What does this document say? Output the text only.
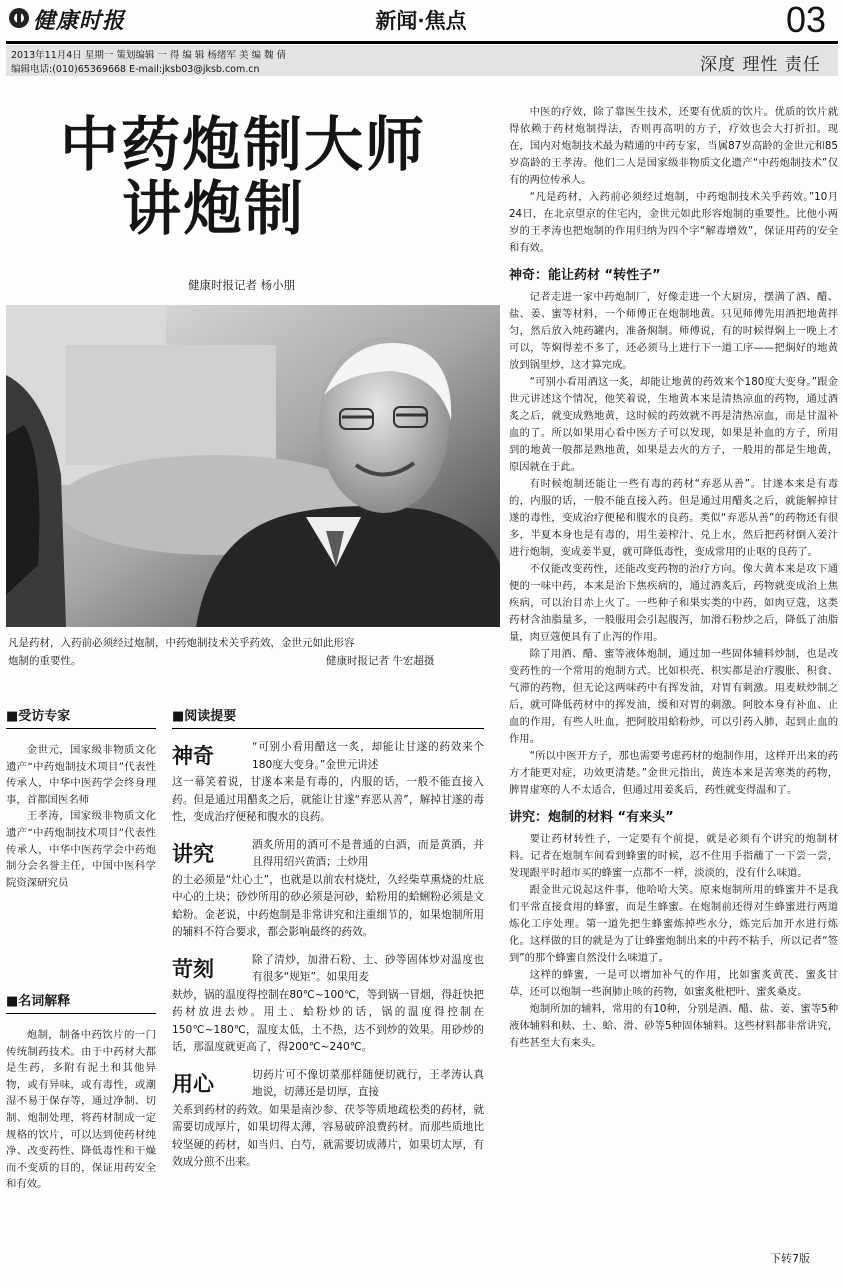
健康时报	新闻·焦点	03
2013年11月4日 星期一 策划编辑 一 得 编 辑 杨绪军 美 编 魏 倩
编辑电话:(010)65369668 E-mail:jksb03@jksb.com.cn	深度 理性 责任
中药炮制大师
讲炮制
健康时报记者 杨小朋
凡是药材，入药前必须经过炮制，中药炮制技术关乎药效，金世元如此形容
炮制的重要性。	健康时报记者 牛宏超摄
■受访专家

金世元，国家级非物质文化遗产“中药炮制技术项目”代表性传承人，中华中医药学会终身理事，首都国医名师

王孝涛，国家级非物质文化遗产“中药炮制技术项目”代表性传承人，中华中医药学会中药炮制分会名誉主任，中国中医科学院资深研究员

■名词解释

炮制，制备中药饮片的一门传统制药技术。由于中药材大都是生药，多附有泥土和其他异物，或有异味，或有毒性，或潮湿不易于保存等，通过净制、切制、炮制处理，将药材制成一定规格的饮片，可以达到使药材纯净、改变药性、降低毒性和干燥而不变质的目的，保证用药安全和有效。

■阅读提要
神奇	“可别小看用醋这一炙，却能让甘遂的药效来个180度大变身。”金世元讲述

这一幕笑着说，甘遂本来是有毒的，内服的话，一般不能直接入药。但是通过用醋炙之后，就能让甘遂“弃恶从善”，解掉甘遂的毒性，变成治疗便秘和腹水的良药。

讲究	酒炙所用的酒可不是普通的白酒，而是黄酒，并且得用绍兴黄酒；土炒用

的土必须是“灶心土”，也就是以前农村烧灶，久经柴草熏烧的灶底中心的土块；砂炒所用的砂必须是河砂，蛤粉用的蛤蜊粉必须是文蛤粉。金老说，中药炮制是非常讲究和注重细节的，如果炮制所用的辅料不符合要求，都会影响最终的药效。

苛刻	除了清炒，加滑石粉、土、砂等固体炒对温度也有很多“规矩”。如果用麦

麸炒，锅的温度得控制在80℃~100℃，等到锅一冒烟，得赶快把药材放进去炒。用土、蛤粉炒的话，锅的温度得控制在150℃~180℃，温度太低，土不热，达不到炒的效果。用砂炒的话，那温度就更高了，得200℃~240℃。

用心	切药片可不像切菜那样随便切就行，王孝涛认真地说，切薄还是切厚，直接

关系到药材的药效。如果是南沙参、茯苓等质地疏松类的药材，就需要切成厚片，如果切得太薄，容易破碎浪费药材。而那些质地比较坚硬的药材，如当归、白芍，就需要切成薄片，如果切太厚，有效成分煎不出来。

中医的疗效，除了靠医生技术，还要有优质的饮片。优质的饮片就得依赖于药材炮制得法，否则再高明的方子，疗效也会大打折扣。现在，国内对炮制技术最为精通的中药专家，当属87岁高龄的金世元和85岁高龄的王孝涛。他们二人是国家级非物质文化遗产“中药炮制技术”仅有的两位传承人。

“凡是药材，入药前必须经过炮制，中药炮制技术关乎药效。”10月24日，在北京望京的住宅内，金世元如此形容炮制的重要性。比他小两岁的王孝涛也把炮制的作用归纳为四个字“解毒增效”，保证用药的安全和有效。

神奇：能让药材 “转性子”

记者走进一家中药炮制厂，好像走进一个大厨房，摆满了酒、醋、盐、姜、蜜等材料，一个师傅正在炮制地黄。只见师傅先用酒把地黄拌匀，然后放入炖药罐内，准备焖制。师傅说，有的时候得焖上一晚上才可以，等焖得差不多了，还必须马上进行下一道工序——把焖好的地黄放到锅里炒，这才算完成。

“可别小看用酒这一炙，却能让地黄的药效来个180度大变身。”跟金世元讲述这个情况，他笑着说，生地黄本来是清热凉血的药物，通过酒炙之后，就变成熟地黄，这时候的药效就不再是清热凉血，而是甘温补血的了。所以如果用心看中医方子可以发现，如果是补血的方子，所用到的地黄一般都是熟地黄，如果是去火的方子，一般用的都是生地黄，原因就在于此。

有时候炮制还能让一些有毒的药材“弃恶从善”。甘遂本来是有毒的，内服的话，一般不能直接入药。但是通过用醋炙之后，就能解掉甘遂的毒性，变成治疗便秘和腹水的良药。类似“弃恶从善”的药物还有很多，半夏本身也是有毒的，用生姜榨汁、兑上水，然后把药材倒入姜汁进行炮制，变成姜半夏，就可降低毒性，变成常用的止呕的良药了。

不仅能改变药性，还能改变药物的治疗方向。像大黄本来是攻下通便的一味中药，本来是治下焦疾病的，通过酒炙后，药物就变成治上焦疾病，可以治目赤上火了。一些种子和果实类的中药，如肉豆蔻，这类药材含油脂量多，一般服用会引起腹泻，加滑石粉炒之后，降低了油脂量，肉豆蔻便具有了止泻的作用。

除了用酒、醋、蜜等液体炮制，通过加一些固体辅料炒制，也是改变药性的一个常用的炮制方式。比如枳壳、枳实都是治疗腹胀、积食、气滞的药物，但无论这两味药中有挥发油，对胃有刺激。用麦麸炒制之后，就可降低药材中的挥发油，缓和对胃的刺激。阿胶本身有补血、止血的作用，有些人吐血，把阿胶用蛤粉炒，可以引药入肺，起到止血的作用。

“所以中医开方子，那也需要考虑药材的炮制作用，这样开出来的药方才能更对症，功效更清楚。”金世元指出，黄连本来是苦寒类的药物，脾胃虚寒的人不太适合，但通过用姜炙后，药性就变得温和了。

讲究：炮制的材料 “有来头”

要让药材转性子，一定要有个前提，就是必须有个讲究的炮制材料。记者在炮制车间看到蜂蜜的时候，忍不住用手指蘸了一下尝一尝，发现跟平时超市买的蜂蜜一点都不一样，淡淡的，没有什么味道。

跟金世元说起这件事，他哈哈大笑。原来炮制所用的蜂蜜并不是我们平常直接食用的蜂蜜，而是生蜂蜜。在炮制前还得对生蜂蜜进行两道炼化工序处理。第一道先把生蜂蜜炼掉些水分，炼完后加开水进行炼化。这样做的目的就是为了让蜂蜜炮制出来的中药不粘手，所以记者“签到”的那个蜂蜜自然没什么味道了。

这样的蜂蜜，一是可以增加补气的作用，比如蜜炙黄芪、蜜炙甘草，还可以炮制一些润肺止咳的药物，如蜜炙枇杷叶、蜜炙桑皮。

炮制所加的辅料，常用的有10种，分别是酒、醋、盐、姜、蜜等5种液体辅料和麸、土、蛤、滑、砂等5种固体辅料。这些材料都非常讲究，有些甚至大有来头。

下转7版
